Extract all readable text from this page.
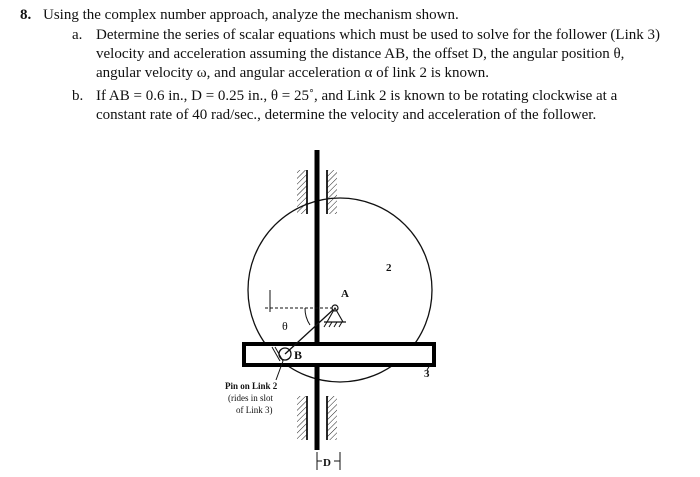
8. Using the complex number approach, analyze the mechanism shown.
a. Determine the series of scalar equations which must be used to solve for the follower (Link 3)
velocity and acceleration assuming the distance AB, the offset D, the angular position θ,
angular velocity ω, and angular acceleration α of link 2 is known.
b. If AB = 0.6 in., D = 0.25 in., θ = 25˚, and Link 2 is known to be rotating clockwise at a
constant rate of 40 rad/sec., determine the velocity and acceleration of the follower.
2
3
A
B
θ
D
Pin on Link 2
(rides in slot
of Link 3)
